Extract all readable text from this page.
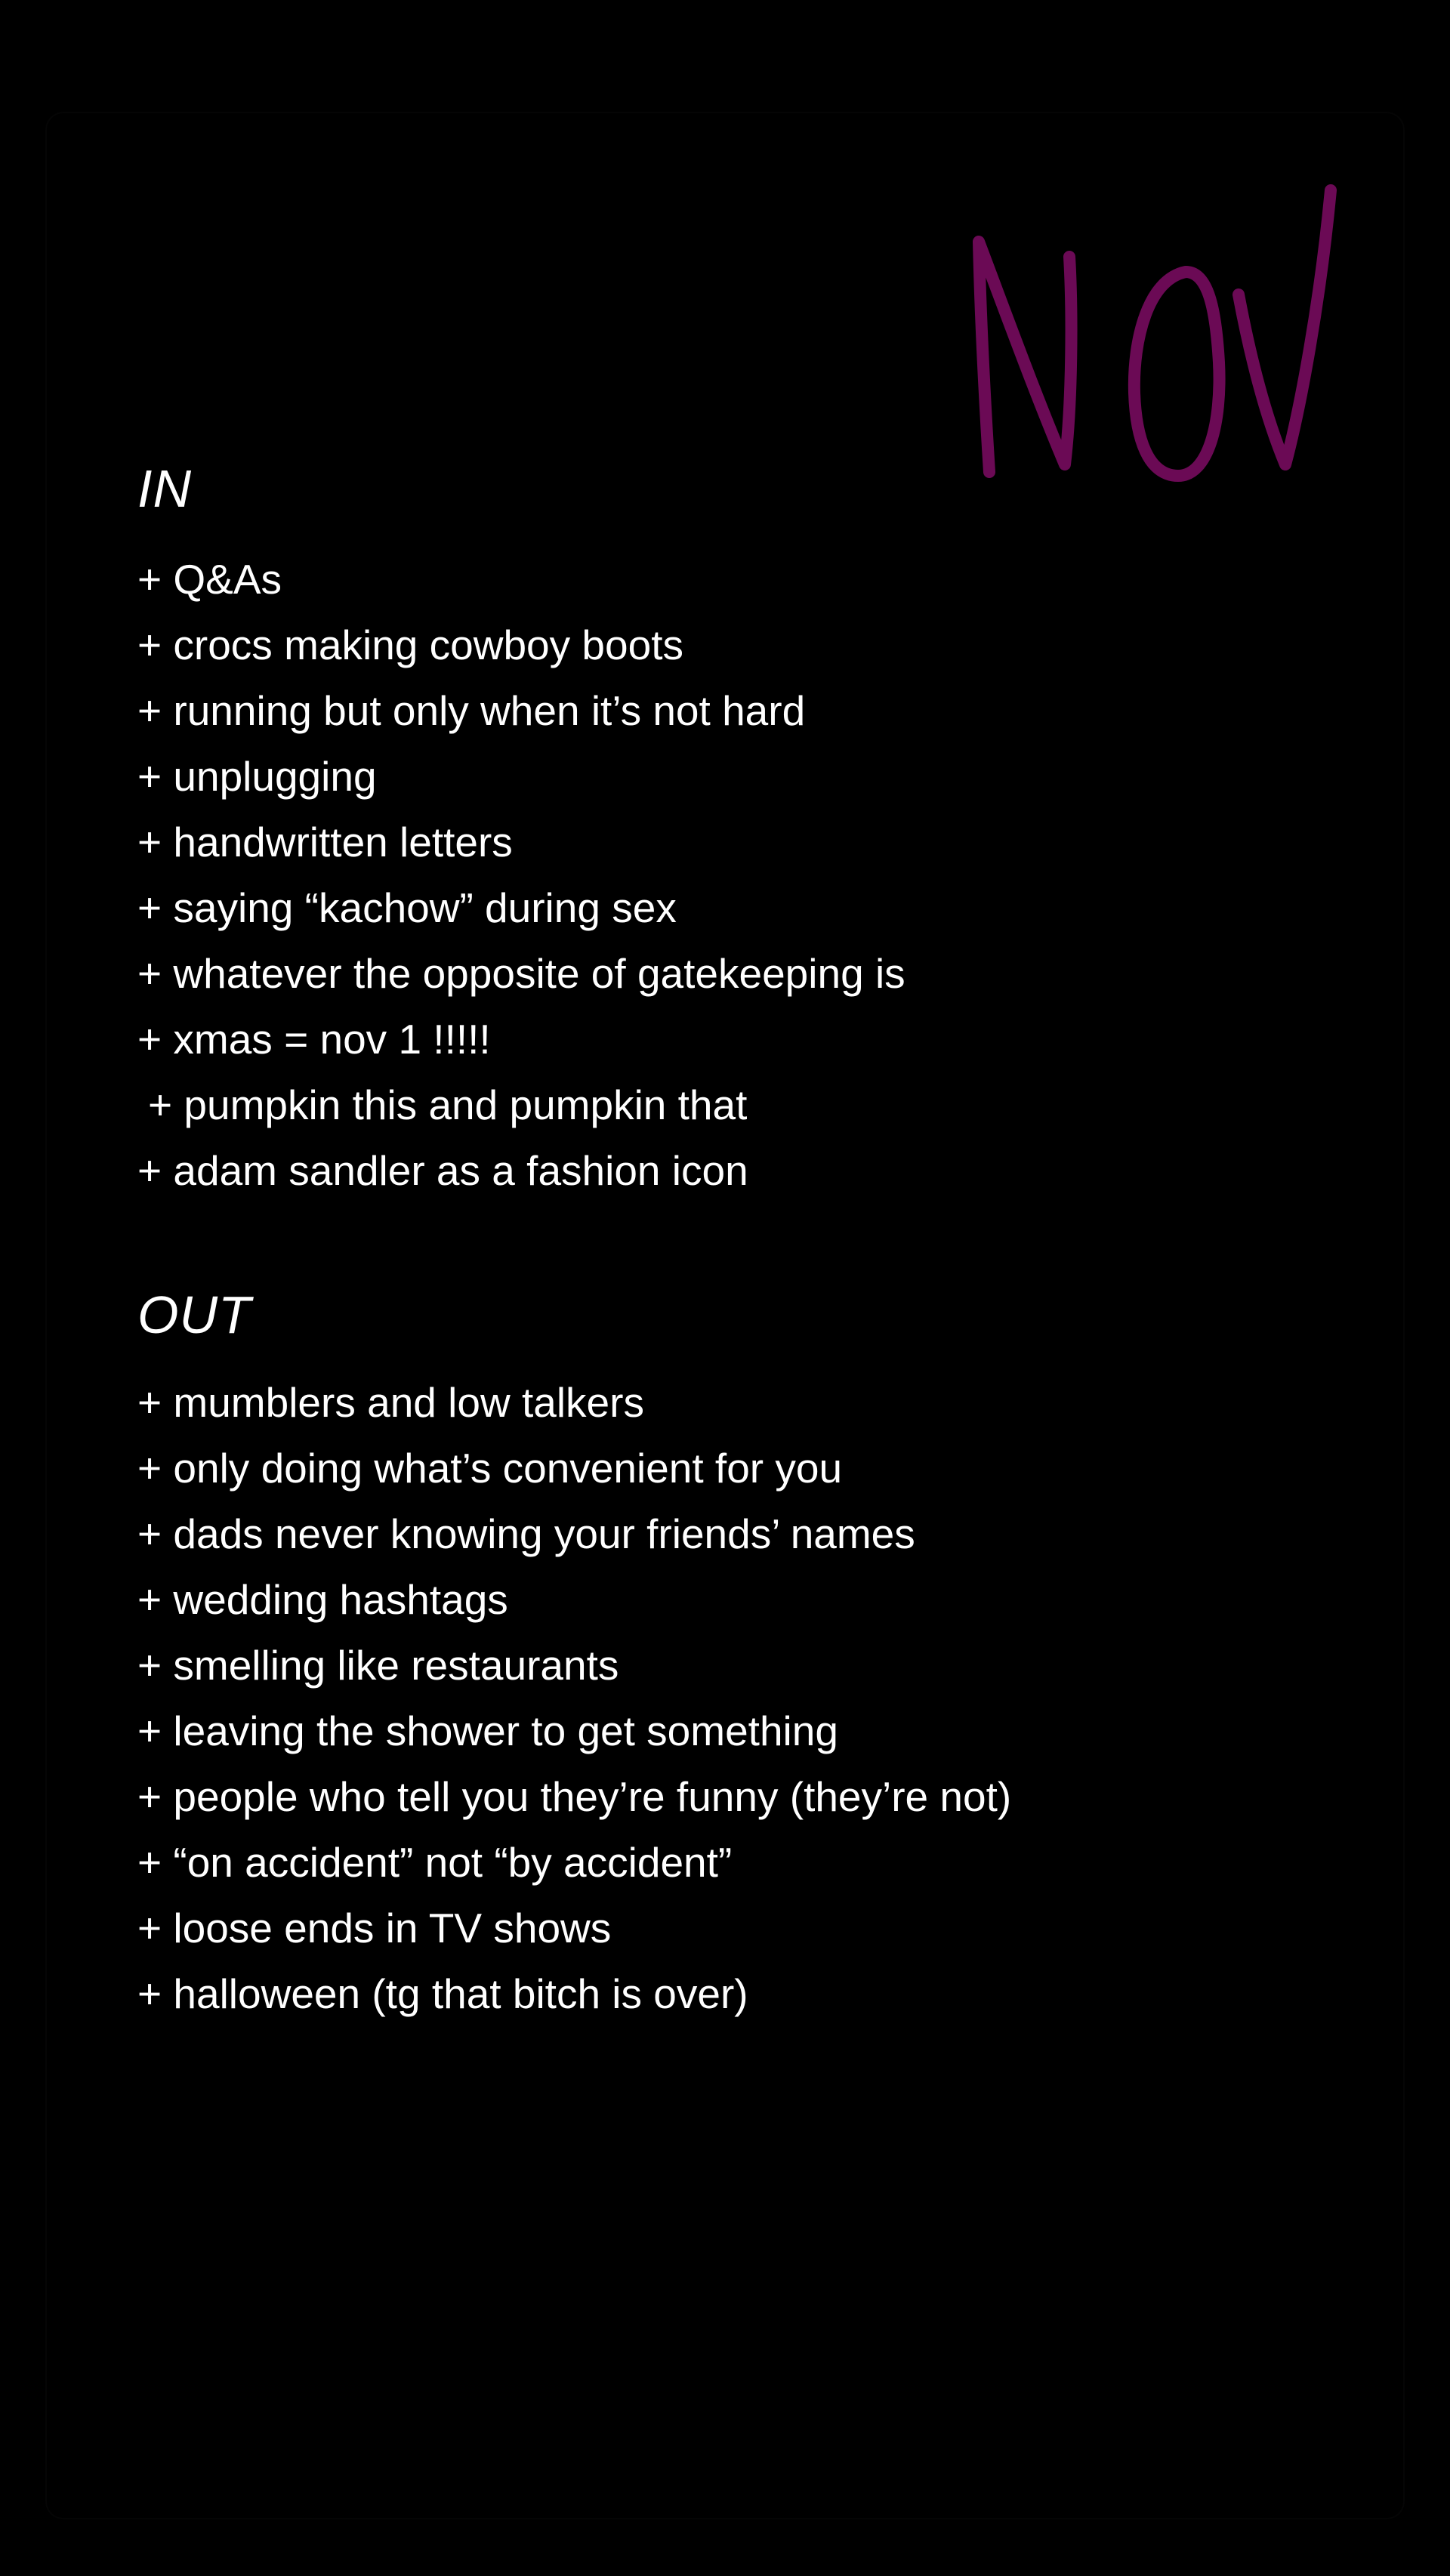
IN
+ Q&As
+ crocs making cowboy boots
+ running but only when it’s not hard
+ unplugging
+ handwritten letters
+ saying “kachow” during sex
+ whatever the opposite of gatekeeping is
+ xmas = nov 1 !!!!!
+ pumpkin this and pumpkin that
+ adam sandler as a fashion icon
OUT
+ mumblers and low talkers
+ only doing what’s convenient for you
+ dads never knowing your friends’ names
+ wedding hashtags
+ smelling like restaurants
+ leaving the shower to get something
+ people who tell you they’re funny (they’re not)
+ “on accident” not “by accident”
+ loose ends in TV shows
+ halloween (tg that bitch is over)
